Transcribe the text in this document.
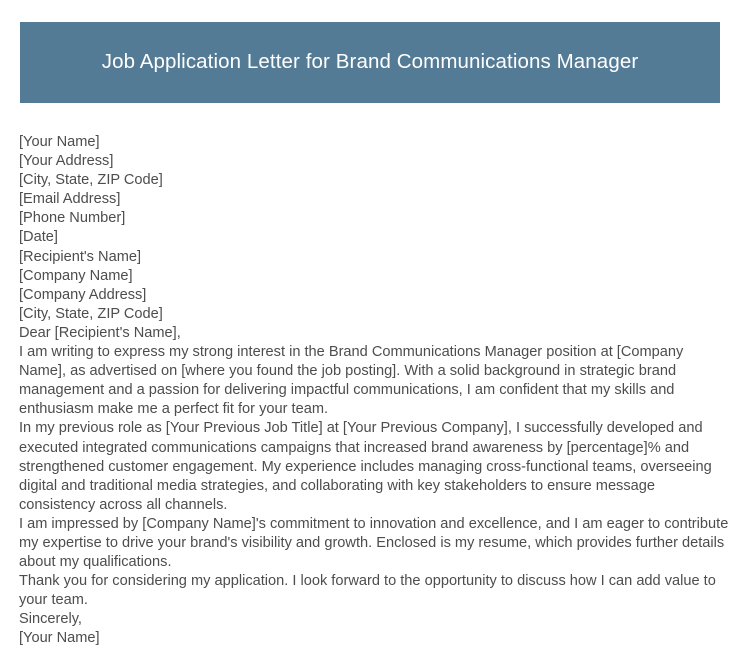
Job Application Letter for Brand Communications Manager
[Your Name]
[Your Address]
[City, State, ZIP Code]
[Email Address]
[Phone Number]
[Date]
[Recipient's Name]
[Company Name]
[Company Address]
[City, State, ZIP Code]
Dear [Recipient's Name],

I am writing to express my strong interest in the Brand Communications Manager position at [Company Name], as advertised on [where you found the job posting]. With a solid background in strategic brand management and a passion for delivering impactful communications, I am confident that my skills and enthusiasm make me a perfect fit for your team.

In my previous role as [Your Previous Job Title] at [Your Previous Company], I successfully developed and executed integrated communications campaigns that increased brand awareness by [percentage]% and strengthened customer engagement. My experience includes managing cross-functional teams, overseeing digital and traditional media strategies, and collaborating with key stakeholders to ensure message consistency across all channels.

I am impressed by [Company Name]'s commitment to innovation and excellence, and I am eager to contribute my expertise to drive your brand's visibility and growth. Enclosed is my resume, which provides further details about my qualifications.

Thank you for considering my application. I look forward to the opportunity to discuss how I can add value to your team.

Sincerely,
[Your Name]
